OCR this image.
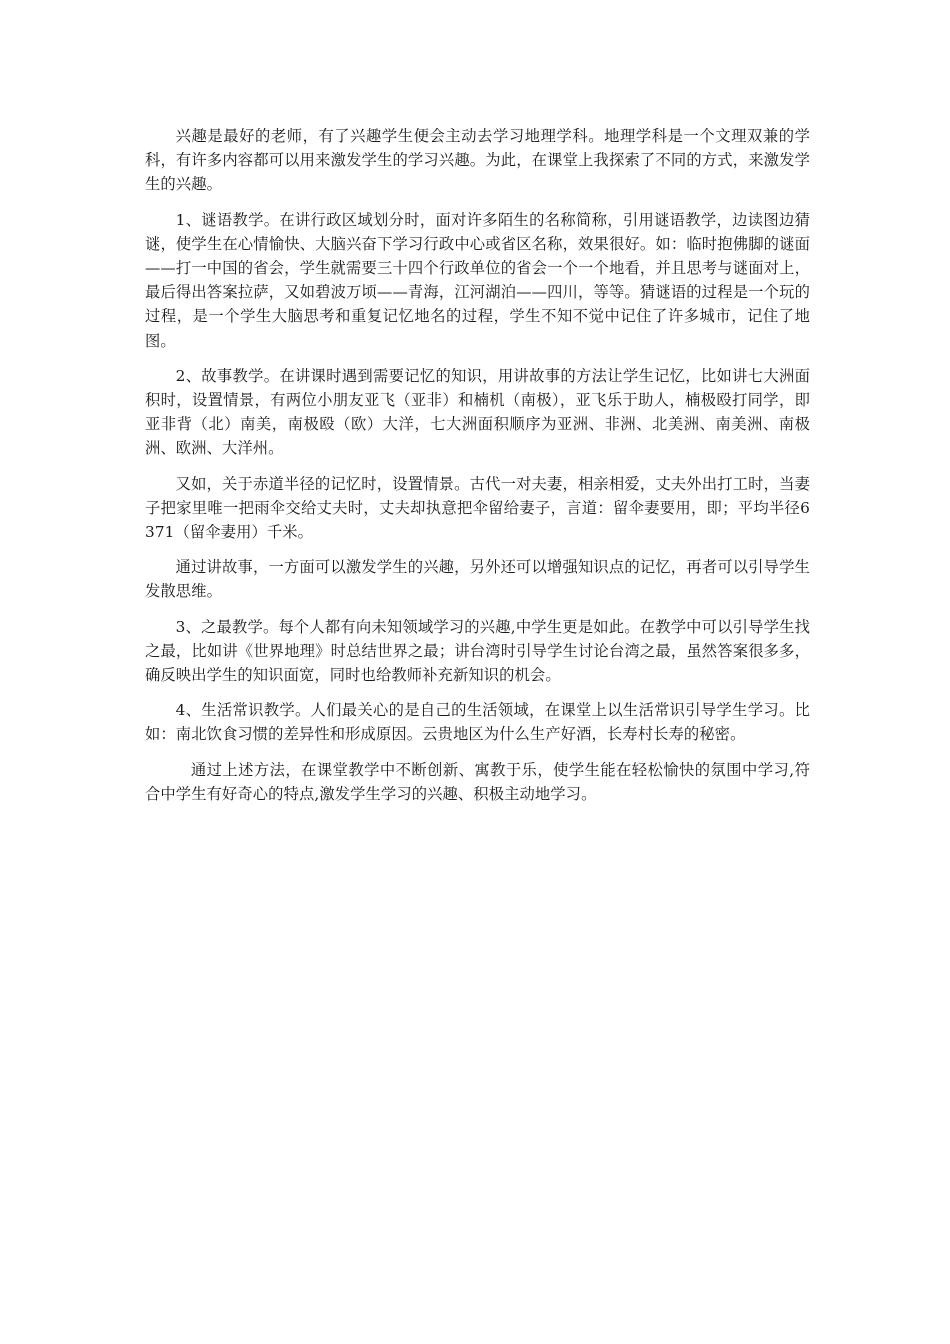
兴趣是最好的老师，有了兴趣学生便会主动去学习地理学科。地理学科是一个文理双兼的学科，有许多内容都可以用来激发学生的学习兴趣。为此，在课堂上我探索了不同的方式，来激发学生的兴趣。

1、谜语教学。在讲行政区域划分时，面对许多陌生的名称简称，引用谜语教学，边读图边猜谜，使学生在心情愉快、大脑兴奋下学习行政中心或省区名称，效果很好。如：临时抱佛脚的谜面——打一中国的省会，学生就需要三十四个行政单位的省会一个一个地看，并且思考与谜面对上，最后得出答案拉萨，又如碧波万顷——青海，江河湖泊——四川，等等。猜谜语的过程是一个玩的过程，是一个学生大脑思考和重复记忆地名的过程，学生不知不觉中记住了许多城市，记住了地图。

2、故事教学。在讲课时遇到需要记忆的知识，用讲故事的方法让学生记忆，比如讲七大洲面积时，设置情景，有两位小朋友亚飞（亚非）和楠机（南极），亚飞乐于助人，楠极殴打同学，即亚非背（北）南美，南极殴（欧）大洋，七大洲面积顺序为亚洲、非洲、北美洲、南美洲、南极洲、欧洲、大洋州。

又如，关于赤道半径的记忆时，设置情景。古代一对夫妻，相亲相爱，丈夫外出打工时，当妻子把家里唯一把雨伞交给丈夫时，丈夫却执意把伞留给妻子，言道：留伞妻要用，即；平均半径6371（留伞妻用）千米。

通过讲故事，一方面可以激发学生的兴趣，另外还可以增强知识点的记忆，再者可以引导学生发散思维。

3、之最教学。每个人都有向未知领域学习的兴趣,中学生更是如此。在教学中可以引导学生找之最，比如讲《世界地理》时总结世界之最；讲台湾时引导学生讨论台湾之最，虽然答案很多多，确反映出学生的知识面宽，同时也给教师补充新知识的机会。

4、生活常识教学。人们最关心的是自己的生活领域，在课堂上以生活常识引导学生学习。比如：南北饮食习惯的差异性和形成原因。云贵地区为什么生产好酒，长寿村长寿的秘密。

通过上述方法，在课堂教学中不断创新、寓教于乐，使学生能在轻松愉快的氛围中学习,符合中学生有好奇心的特点,激发学生学习的兴趣、积极主动地学习。
